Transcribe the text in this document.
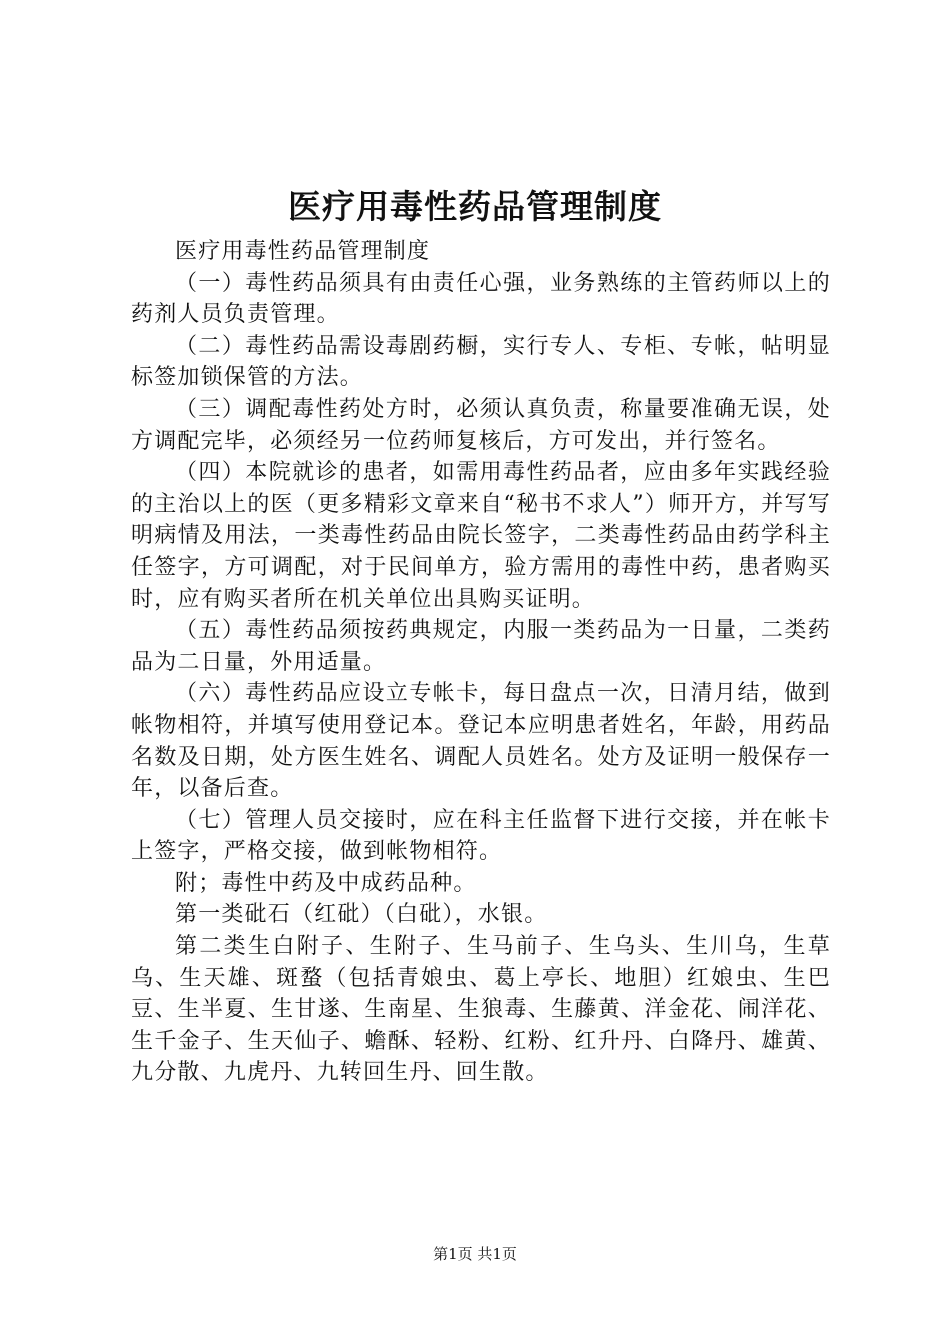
医疗用毒性药品管理制度

医疗用毒性药品管理制度

（一）毒性药品须具有由责任心强，业务熟练的主管药师以上的药剂人员负责管理。

（二）毒性药品需设毒剧药橱，实行专人、专柜、专帐，帖明显标签加锁保管的方法。

（三）调配毒性药处方时，必须认真负责，称量要准确无误，处方调配完毕，必须经另一位药师复核后，方可发出，并行签名。

（四）本院就诊的患者，如需用毒性药品者，应由多年实践经验的主治以上的医（更多精彩文章来自“秘书不求人”）师开方，并写写明病情及用法，一类毒性药品由院长签字，二类毒性药品由药学科主任签字，方可调配，对于民间单方，验方需用的毒性中药，患者购买时，应有购买者所在机关单位出具购买证明。

（五）毒性药品须按药典规定，内服一类药品为一日量，二类药品为二日量，外用适量。

（六）毒性药品应设立专帐卡，每日盘点一次，日清月结，做到帐物相符，并填写使用登记本。登记本应明患者姓名，年龄，用药品名数及日期，处方医生姓名、调配人员姓名。处方及证明一般保存一年，以备后查。

（七）管理人员交接时，应在科主任监督下进行交接，并在帐卡上签字，严格交接，做到帐物相符。

附；毒性中药及中成药品种。

第一类砒石（红砒）（白砒），水银。

第二类生白附子、生附子、生马前子、生乌头、生川乌，生草乌、生天雄、斑蝥（包括青娘虫、葛上亭长、地胆）红娘虫、生巴豆、生半夏、生甘遂、生南星、生狼毒、生藤黄、洋金花、闹洋花、生千金子、生天仙子、蟾酥、轻粉、红粉、红升丹、白降丹、雄黄、九分散、九虎丹、九转回生丹、回生散。

第1页 共1页
